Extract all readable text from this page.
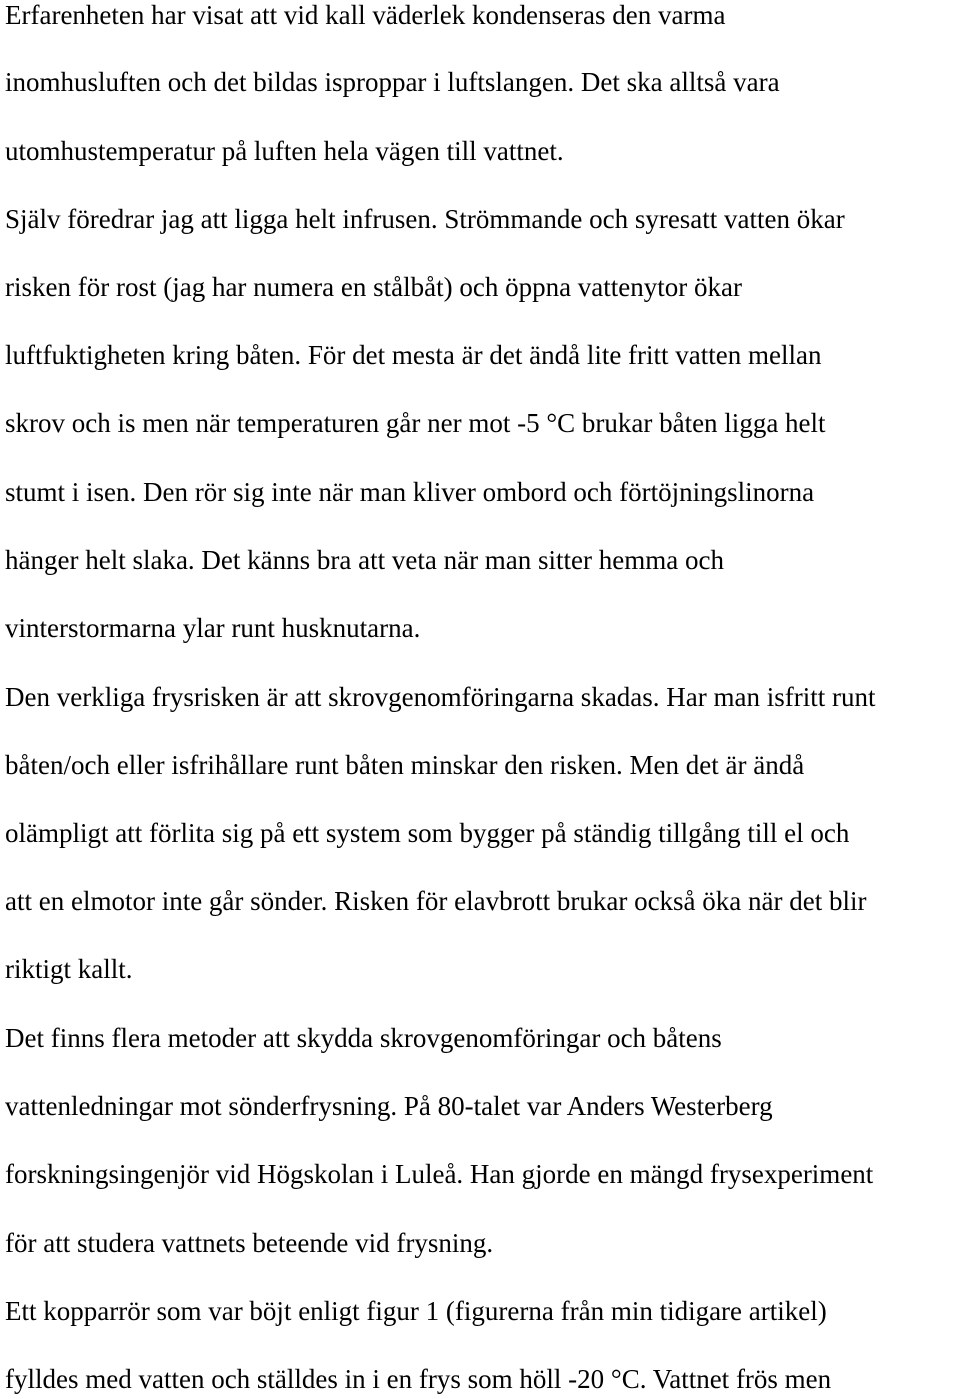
Erfarenheten har visat att vid kall väderlek kondenseras den varma
inomhusluften och det bildas isproppar i luftslangen. Det ska alltså vara
utomhustemperatur på luften hela vägen till vattnet.
Själv föredrar jag att ligga helt infrusen. Strömmande och syresatt vatten ökar
risken för rost (jag har numera en stålbåt) och öppna vattenytor ökar
luftfuktigheten kring båten. För det mesta är det ändå lite fritt vatten mellan
skrov och is men när temperaturen går ner mot -5 °C brukar båten ligga helt
stumt i isen. Den rör sig inte när man kliver ombord och förtöjningslinorna
hänger helt slaka. Det känns bra att veta när man sitter hemma och
vinterstormarna ylar runt husknutarna.
Den verkliga frysrisken är att skrovgenomföringarna skadas. Har man isfritt runt
båten/och eller isfrihållare runt båten minskar den risken. Men det är ändå
olämpligt att förlita sig på ett system som bygger på ständig tillgång till el och
att en elmotor inte går sönder. Risken för elavbrott brukar också öka när det blir
riktigt kallt.
Det finns flera metoder att skydda skrovgenomföringar och båtens
vattenledningar mot sönderfrysning. På 80-talet var Anders Westerberg
forskningsingenjör vid Högskolan i Luleå. Han gjorde en mängd frysexperiment
för att studera vattnets beteende vid frysning.
Ett kopparrör som var böjt enligt figur 1 (figurerna från min tidigare artikel)
fylldes med vatten och ställdes in i en frys som höll -20 °C. Vattnet frös men
